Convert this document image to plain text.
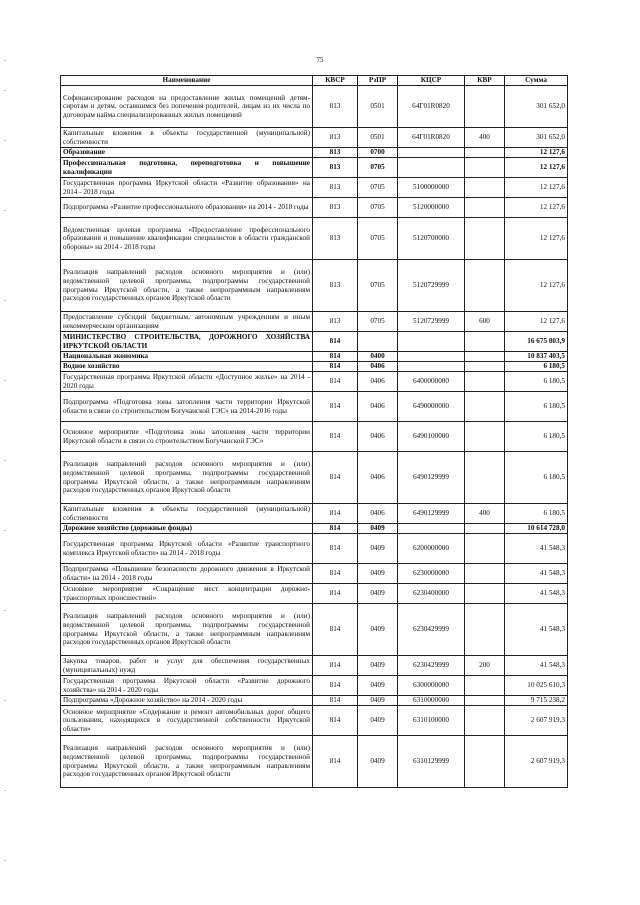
75
Наименование	КВСР	РзПР	КЦСР	КВР	Сумма
Софинансирование расходов на предоставление жилых помещений детям-сиротам и детям, оставшимся без попечения родителей, лицам из их числа по договорам найма специализированных жилых помещений	813	0501	64Г01R0820		301 652,0
Капитальные вложения в объекты государственной (муниципальной) собственности	813	0501	64Г01R0820	400	301 652,0
Образование	813	0700			12 127,6
Профессиональная подготовка, переподготовка и повышение квалификации	813	0705			12 127,6
Государственная программа Иркутской области «Развитие образования» на 2014 - 2018 годы	813	0705	5100000000		12 127,6
Подпрограмма «Развитие профессионального образования» на 2014 - 2018 годы	813	0705	5120000000		12 127,6
Ведомственная целевая программа «Предоставление профессионального образования и повышение квалификации специалистов в области гражданской обороны» на 2014 - 2018 годы	813	0705	5120700000		12 127,6
Реализация направлений расходов основного мероприятия и (или) ведомственной целевой программы, подпрограммы государственной программы Иркутской области, а также непрограммным направлениям расходов государственных органов Иркутской области	813	0705	5120729999		12 127,6
Предоставление субсидий бюджетным, автономным учреждениям и иным некоммерческим организациям	813	0705	5120729999	600	12 127,6
МИНИСТЕРСТВО СТРОИТЕЛЬСТВА, ДОРОЖНОГО ХОЗЯЙСТВА ИРКУТСКОЙ ОБЛАСТИ	814				16 675 803,9
Национальная экономика	814	0400			10 837 403,5
Водное хозяйство	814	0406			6 180,5
Государственная программа Иркутской области «Доступное жилье» на 2014 - 2020 годы	814	0406	6400000000		6 180,5
Подпрограмма «Подготовка зоны затопления части территории Иркутской области в связи со строительством Богучанской ГЭС» на 2014-2016 годы	814	0406	6490000000		6 180,5
Основное мероприятие «Подготовка зоны затопления части территории Иркутской области в связи со строительством Богучанской ГЭС»	814	0406	6490100000		6 180,5
Реализация направлений расходов основного мероприятия и (или) ведомственной целевой программы, подпрограммы государственной программы Иркутской области, а также непрограммным направлениям расходов государственных органов Иркутской области	814	0406	6490129999		6 180,5
Капитальные вложения в объекты государственной (муниципальной) собственности	814	0406	6490129999	400	6 180,5
Дорожное хозяйство (дорожные фонды)	814	0409			10 614 728,0
Государственная программа Иркутской области «Развитие транспортного комплекса Иркутской области» на 2014 - 2018 годы	814	0409	6200000000		41 548,3
Подпрограмма «Повышение безопасности дорожного движения в Иркутской области» на 2014 - 2018 годы	814	0409	6230000000		41 548,3
Основное мероприятие «Сокращение мест концентрации дорожно-транспортных происшествий»	814	0409	6230400000		41 548,3
Реализация направлений расходов основного мероприятия и (или) ведомственной целевой программы, подпрограммы государственной программы Иркутской области, а также непрограммным направлениям расходов государственных органов Иркутской области	814	0409	6230429999		41 548,3
Закупка товаров, работ и услуг для обеспечения государственных (муниципальных) нужд	814	0409	6230429999	200	41 548,3
Государственная программа Иркутской области «Развитие дорожного хозяйства» на 2014 - 2020 годы	814	0409	6300000000		10 025 610,3
Подпрограмма «Дорожное хозяйство» на 2014 - 2020 годы	814	0409	6310000000		9 715 238,2
Основное мероприятие «Содержание и ремонт автомобильных дорог общего пользования, находящихся в государственной собственности Иркутской области»	814	0409	6310100000		2 607 919,3
Реализация направлений расходов основного мероприятия и (или) ведомственной целевой программы, подпрограммы государственной программы Иркутской области, а также непрограммным направлениям расходов государственных органов Иркутской области	814	0409	6310129999		2 607 919,3
